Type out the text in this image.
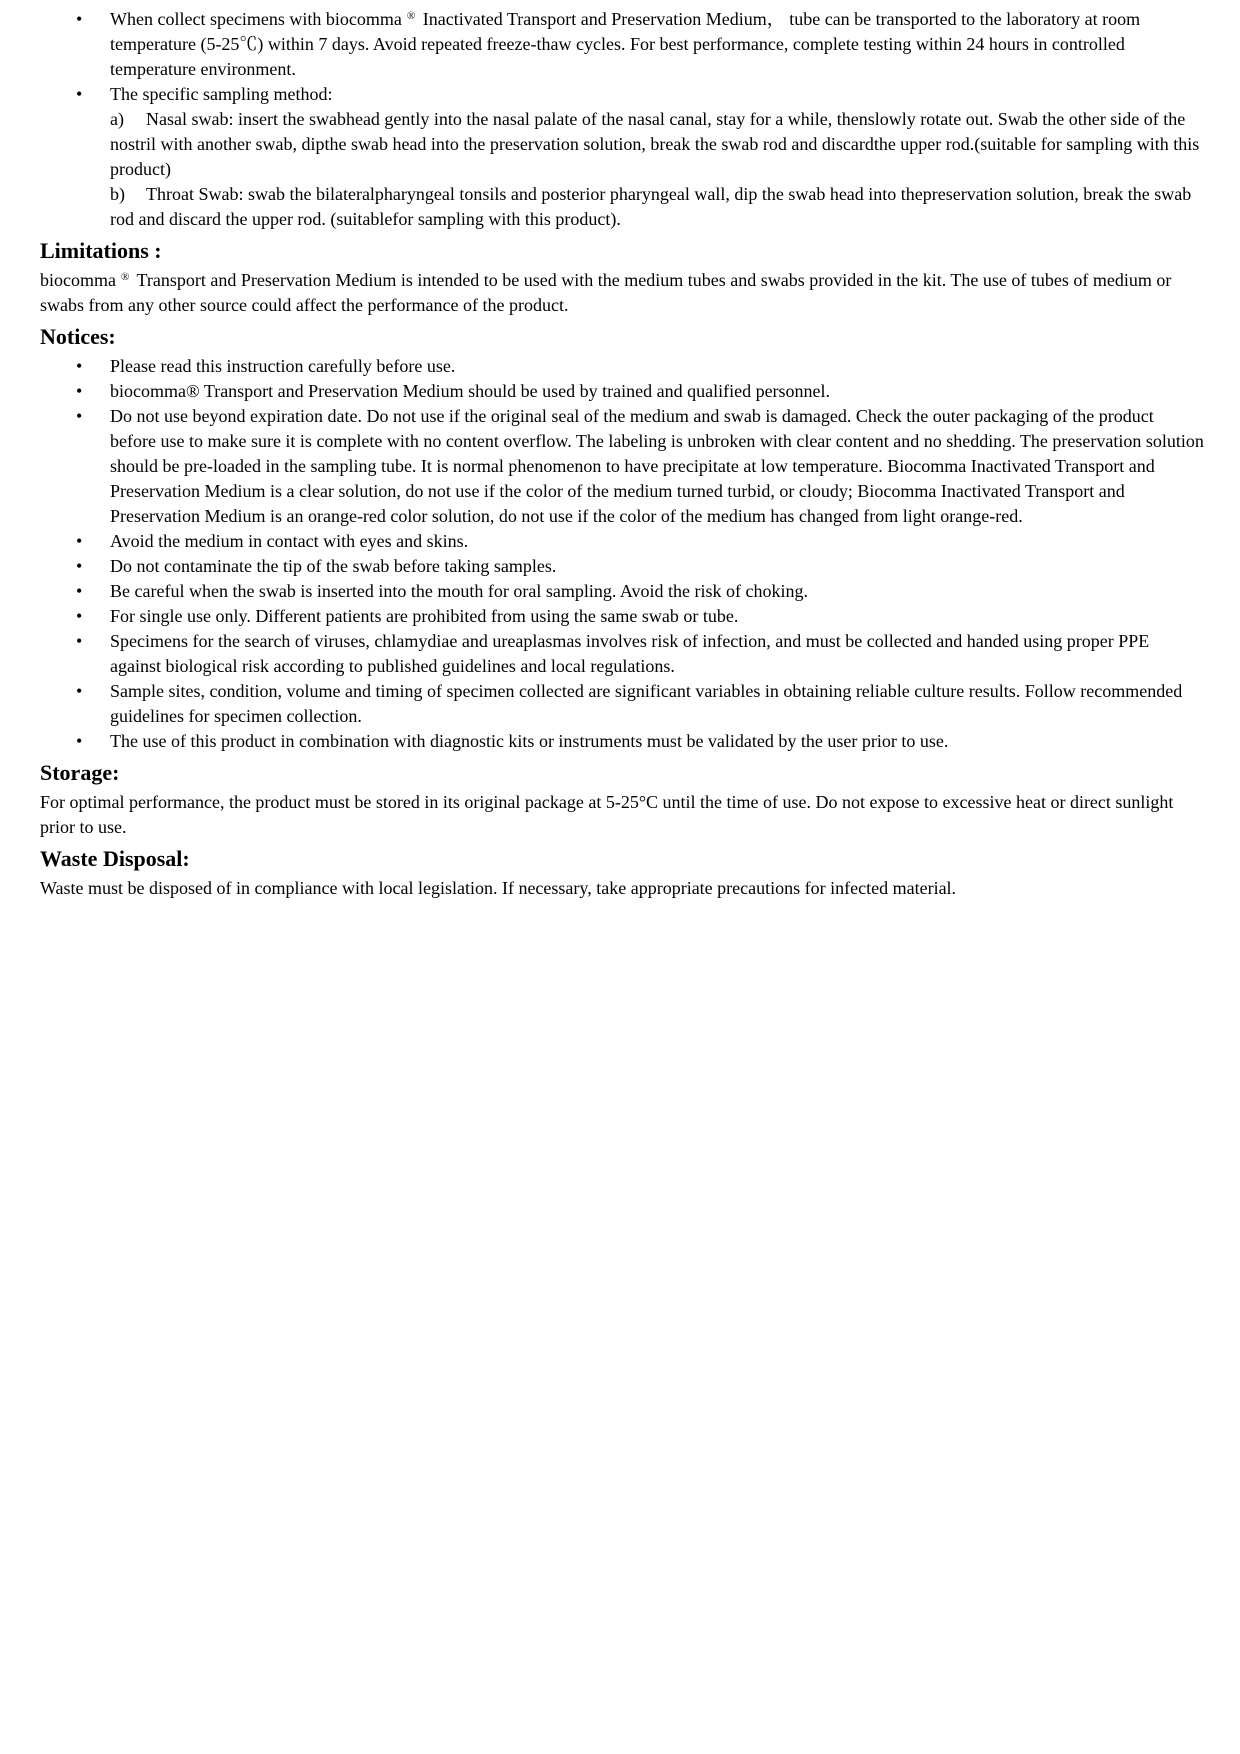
• When collect specimens with biocomma ® Inactivated Transport and Preservation Medium， tube can be transported to the laboratory at room temperature (5-25℃) within 7 days. Avoid repeated freeze-thaw cycles. For best performance, complete testing within 24 hours in controlled temperature environment.
• The specific sampling method:
a) Nasal swab: insert the swabhead gently into the nasal palate of the nasal canal, stay for a while, thenslowly rotate out. Swab the other side of the nostril with another swab, dipthe swab head into the preservation solution, break the swab rod and discardthe upper rod.(suitable for sampling with this product)
b) Throat Swab: swab the bilateralpharyngeal tonsils and posterior pharyngeal wall, dip the swab head into thepreservation solution, break the swab rod and discard the upper rod. (suitablefor sampling with this product).
Limitations :

biocomma ® Transport and Preservation Medium is intended to be used with the medium tubes and swabs provided in the kit. The use of tubes of medium or swabs from any other source could affect the performance of the product.

Notices:
• Please read this instruction carefully before use.
• biocomma® Transport and Preservation Medium should be used by trained and qualified personnel.
• Do not use beyond expiration date. Do not use if the original seal of the medium and swab is damaged. Check the outer packaging of the product before use to make sure it is complete with no content overflow. The labeling is unbroken with clear content and no shedding. The preservation solution should be pre-loaded in the sampling tube. It is normal phenomenon to have precipitate at low temperature. Biocomma Inactivated Transport and Preservation Medium is a clear solution, do not use if the color of the medium turned turbid, or cloudy; Biocomma Inactivated Transport and Preservation Medium is an orange-red color solution, do not use if the color of the medium has changed from light orange-red.
• Avoid the medium in contact with eyes and skins.
• Do not contaminate the tip of the swab before taking samples.
• Be careful when the swab is inserted into the mouth for oral sampling. Avoid the risk of choking.
• For single use only. Different patients are prohibited from using the same swab or tube.
• Specimens for the search of viruses, chlamydiae and ureaplasmas involves risk of infection, and must be collected and handed using proper PPE against biological risk according to published guidelines and local regulations.
• Sample sites, condition, volume and timing of specimen collected are significant variables in obtaining reliable culture results. Follow recommended guidelines for specimen collection.
• The use of this product in combination with diagnostic kits or instruments must be validated by the user prior to use.
Storage:

For optimal performance, the product must be stored in its original package at 5-25°C until the time of use. Do not expose to excessive heat or direct sunlight prior to use.

Waste Disposal:

Waste must be disposed of in compliance with local legislation. If necessary, take appropriate precautions for infected material.
